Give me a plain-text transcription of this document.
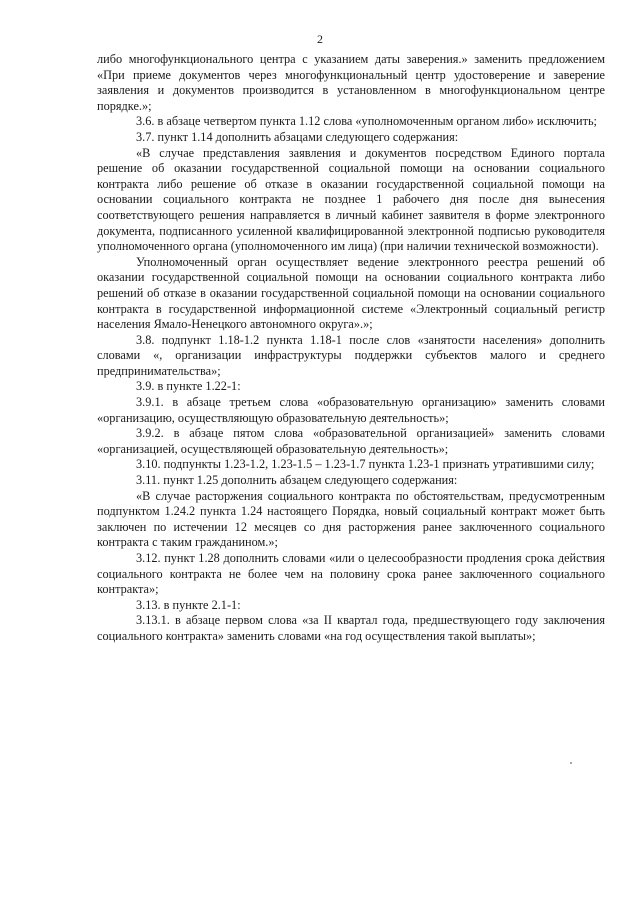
2

либо многофункционального центра с указанием даты заверения.» заменить предложением «При приеме документов через многофункциональный центр удостоверение и заверение заявления и документов производится в установленном в многофункциональном центре порядке.»;

3.6. в абзаце четвертом пункта 1.12 слова «уполномоченным органом либо» исключить;

3.7. пункт 1.14 дополнить абзацами следующего содержания:

«В случае представления заявления и документов посредством Единого портала решение об оказании государственной социальной помощи на основании социального контракта либо решение об отказе в оказании государственной социальной помощи на основании социального контракта не позднее 1 рабочего дня после дня вынесения соответствующего решения направляется в личный кабинет заявителя в форме электронного документа, подписанного усиленной квалифицированной электронной подписью руководителя уполномоченного органа (уполномоченного им лица) (при наличии технической возможности).

Уполномоченный орган осуществляет ведение электронного реестра решений об оказании государственной социальной помощи на основании социального контракта либо решений об отказе в оказании государственной социальной помощи на основании социального контракта в государственной информационной системе «Электронный социальный регистр населения Ямало-Ненецкого автономного округа».»;

3.8. подпункт 1.18-1.2 пункта 1.18-1 после слов «занятости населения» дополнить словами «, организации инфраструктуры поддержки субъектов малого и среднего предпринимательства»;

3.9. в пункте 1.22-1:

3.9.1. в абзаце третьем слова «образовательную организацию» заменить словами «организацию, осуществляющую образовательную деятельность»;

3.9.2. в абзаце пятом слова «образовательной организацией» заменить словами «организацией, осуществляющей образовательную деятельность»;

3.10. подпункты 1.23-1.2, 1.23-1.5 – 1.23-1.7 пункта 1.23-1 признать утратившими силу;

3.11. пункт 1.25 дополнить абзацем следующего содержания:

«В случае расторжения социального контракта по обстоятельствам, предусмотренным подпунктом 1.24.2 пункта 1.24 настоящего Порядка, новый социальный контракт может быть заключен по истечении 12 месяцев со дня расторжения ранее заключенного социального контракта с таким гражданином.»;

3.12. пункт 1.28 дополнить словами «или о целесообразности продления срока действия социального контракта не более чем на половину срока ранее заключенного социального контракта»;

3.13. в пункте 2.1-1:

3.13.1. в абзаце первом слова «за II квартал года, предшествующего году заключения социального контракта» заменить словами «на год осуществления такой выплаты»;
